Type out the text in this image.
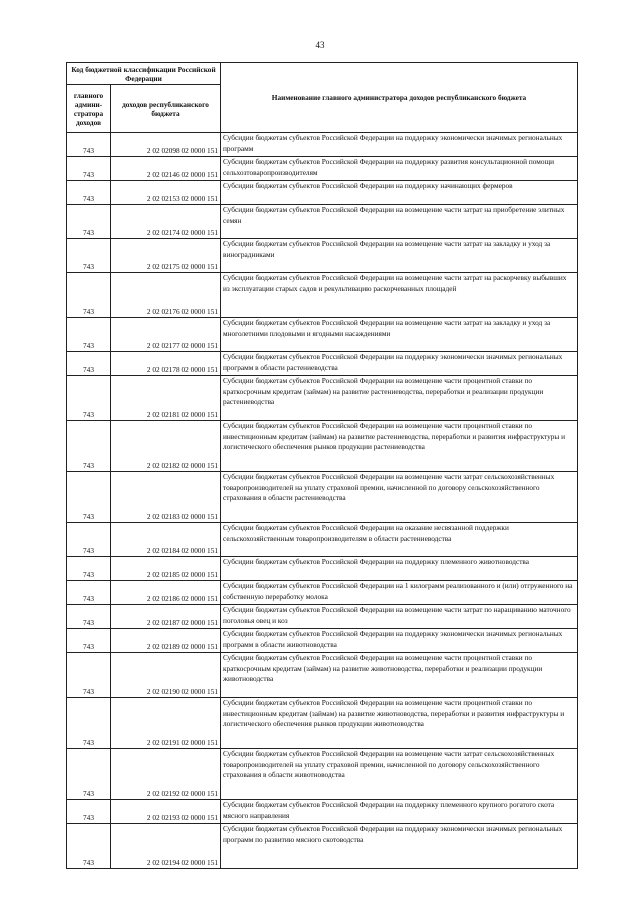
43
Код бюджетной классификации Российской Федерации		Наименование главного администратора доходов республиканского бюджета
главного админи-стратора доходов	доходов республиканского бюджета	
743	2 02 02098 02 0000 151	Субсидии бюджетам субъектов Российской Федерации на поддержку экономически значимых региональных программ
743	2 02 02146 02 0000 151	Субсидии бюджетам субъектов Российской Федерации на поддержку развития консультационной помощи сельхозтоваропроизводителям
743	2 02 02153 02 0000 151	Субсидии бюджетам субъектов Российской Федерации на поддержку начинающих фермеров
743	2 02 02174 02 0000 151	Субсидии бюджетам субъектов Российской Федерации на возмещение части затрат на приобретение элитных семян
743	2 02 02175 02 0000 151	Субсидии бюджетам субъектов Российской Федерации на возмещение части затрат на закладку и уход за виноградниками
743	2 02 02176 02 0000 151	Субсидии бюджетам субъектов Российской Федерации на возмещение части затрат на раскорчевку выбывших из эксплуатации старых садов и рекультивацию раскорчеванных площадей
743	2 02 02177 02 0000 151	Субсидии бюджетам субъектов Российской Федерации на возмещение части затрат на закладку и уход за многолетними плодовыми и ягодными насаждениями
743	2 02 02178 02 0000 151	Субсидии бюджетам субъектов Российской Федерации на поддержку экономически значимых региональных программ в области растениеводства
743	2 02 02181 02 0000 151	Субсидии бюджетам субъектов Российской Федерации на возмещение части процентной ставки по краткосрочным кредитам (займам) на развитие растениеводства, переработки и реализации продукции растениеводства
743	2 02 02182 02 0000 151	Субсидии бюджетам субъектов Российской Федерации на возмещение части процентной ставки по инвестиционным кредитам (займам) на развитие растениеводства, переработки и развития инфраструктуры и логистического обеспечения рынков продукции растениеводства
743	2 02 02183 02 0000 151	Субсидии бюджетам субъектов Российской Федерации на возмещение части затрат сельскохозяйственных товаропроизводителей на уплату страховой премии, начисленной по договору сельскохозяйственного страхования в области растениеводства
743	2 02 02184 02 0000 151	Субсидии бюджетам субъектов Российской Федерации на оказание несвязанной поддержки сельскохозяйственным товаропроизводителям в области растениеводства
743	2 02 02185 02 0000 151	Субсидии бюджетам субъектов Российской Федерации на поддержку племенного животноводства
743	2 02 02186 02 0000 151	Субсидии бюджетам субъектов Российской Федерации на 1 килограмм реализованного и (или) отгруженного на собственную переработку молока
743	2 02 02187 02 0000 151	Субсидии бюджетам субъектов Российской Федерации на возмещение части затрат по наращиванию маточного поголовья овец и коз
743	2 02 02189 02 0000 151	Субсидии бюджетам субъектов Российской Федерации на поддержку экономически значимых региональных программ в области животноводства
743	2 02 02190 02 0000 151	Субсидии бюджетам субъектов Российской Федерации на возмещение части процентной ставки по краткосрочным кредитам (займам) на развитие животноводства, переработки и реализации продукции животноводства
743	2 02 02191 02 0000 151	Субсидии бюджетам субъектов Российской Федерации на возмещение части процентной ставки по инвестиционным кредитам (займам) на развитие животноводства, переработки и развития инфраструктуры и логистического обеспечения рынков продукции животноводства
743	2 02 02192 02 0000 151	Субсидии бюджетам субъектов Российской Федерации на возмещение части затрат сельскохозяйственных товаропроизводителей на уплату страховой премии, начисленной по договору сельскохозяйственного страхования в области животноводства
743	2 02 02193 02 0000 151	Субсидии бюджетам субъектов Российской Федерации на поддержку племенного крупного рогатого скота мясного направления
743	2 02 02194 02 0000 151	Субсидии бюджетам субъектов Российской Федерации на поддержку экономически значимых региональных программ по развитию мясного скотоводства
